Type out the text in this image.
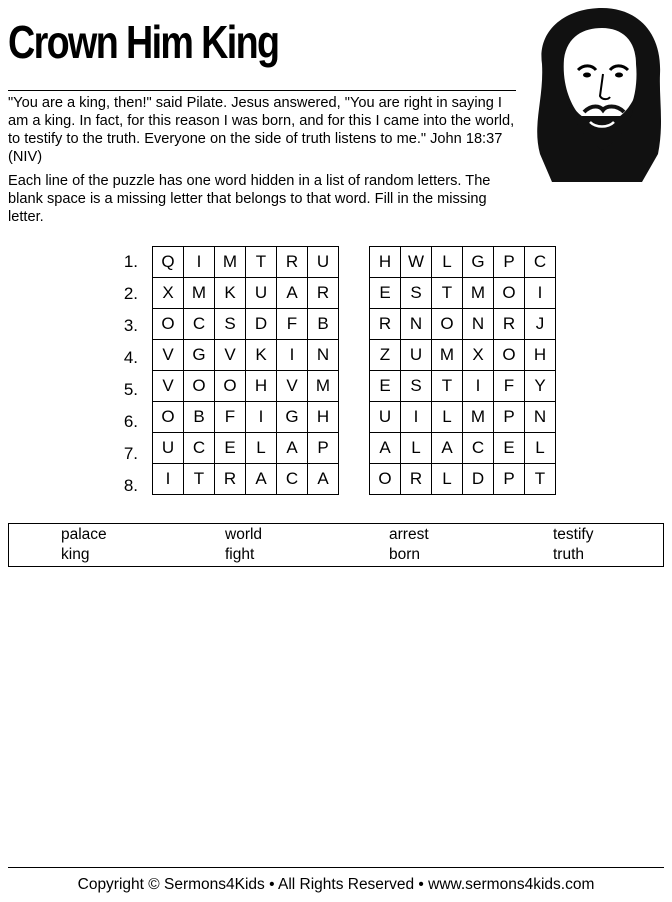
Crown Him King
"You are a king, then!" said Pilate. Jesus answered, "You are right in saying I am a king. In fact, for this reason I was born, and for this I came into the world, to testify to the truth. Everyone on the side of truth listens to me." John 18:37 (NIV)
Each line of the puzzle has one word hidden in a list of random letters. The blank space is a missing letter that belongs to that word. Fill in the missing letter.
1.
2.
3.
4.
5.
6.
7.
8.
Q	I	M	T	R	U		H	W	L	G	P	C
X	M	K	U	A	R		E	S	T	M	O	I
O	C	S	D	F	B		R	N	O	N	R	J
V	G	V	K	I	N		Z	U	M	X	O	H
V	O	O	H	V	M		E	S	T	I	F	Y
O	B	F	I	G	H		U	I	L	M	P	N
U	C	E	L	A	P		A	L	A	C	E	L
I	T	R	A	C	A		O	R	L	D	P	T
palace	world	arrest	testify
king	fight	born	truth
Copyright © Sermons4Kids • All Rights Reserved • www.sermons4kids.com
